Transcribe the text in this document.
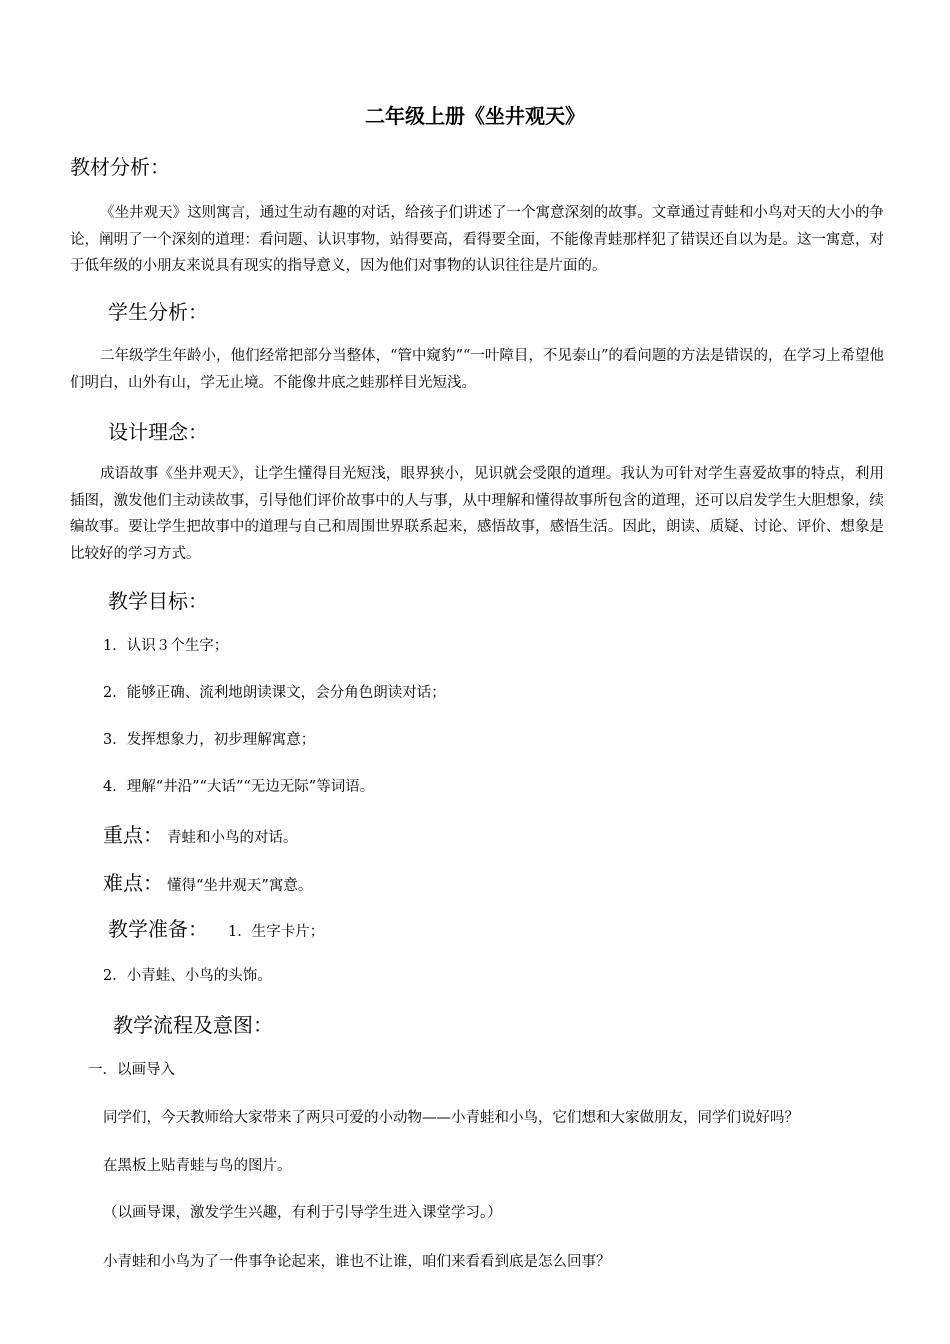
二年级上册《坐井观天》
教材分析：

《坐井观天》这则寓言，通过生动有趣的对话，给孩子们讲述了一个寓意深刻的故事。文章通过青蛙和小鸟对天的大小的争论，阐明了一个深刻的道理：看问题、认识事物，站得要高，看得要全面，不能像青蛙那样犯了错误还自以为是。这一寓意，对于低年级的小朋友来说具有现实的指导意义，因为他们对事物的认识往往是片面的。

学生分析：

二年级学生年龄小，他们经常把部分当整体，“管中窥豹”“一叶障目，不见泰山”的看问题的方法是错误的，在学习上希望他们明白，山外有山，学无止境。不能像井底之蛙那样目光短浅。

设计理念：

成语故事《坐井观天》，让学生懂得目光短浅，眼界狭小，见识就会受限的道理。我认为可针对学生喜爱故事的特点，利用插图，激发他们主动读故事，引导他们评价故事中的人与事，从中理解和懂得故事所包含的道理，还可以启发学生大胆想象，续编故事。要让学生把故事中的道理与自己和周围世界联系起来，感悟故事，感悟生活。因此，朗读、质疑、讨论、评价、想象是比较好的学习方式。

教学目标：
1．认识３个生字；
2．能够正确、流利地朗读课文，会分角色朗读对话；
3．发挥想象力，初步理解寓意；
4．理解“井沿”“大话”“无边无际”等词语。
重点： 青蛙和小鸟的对话。
难点： 懂得“坐井观天”寓意。
教学准备： 1．生字卡片；
2．小青蛙、小鸟的头饰。
教学流程及意图：
一．以画导入
同学们，今天教师给大家带来了两只可爱的小动物——小青蛙和小鸟，它们想和大家做朋友，同学们说好吗？
在黑板上贴青蛙与鸟的图片。
（以画导课，激发学生兴趣，有利于引导学生进入课堂学习。）
小青蛙和小鸟为了一件事争论起来，谁也不让谁，咱们来看看到底是怎么回事？
